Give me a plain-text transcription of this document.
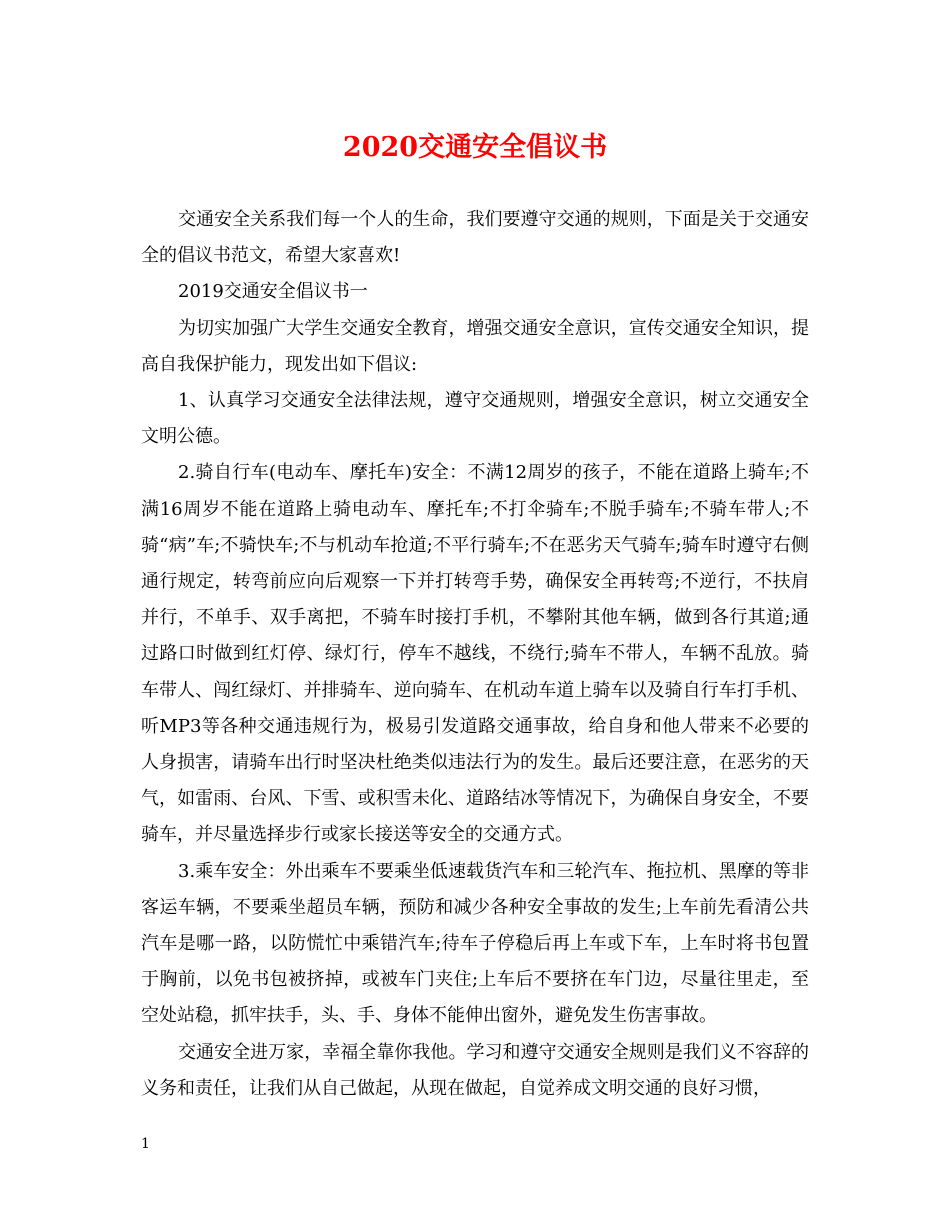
2020交通安全倡议书

交通安全关系我们每一个人的生命，我们要遵守交通的规则，下面是关于交通安全的倡议书范文，希望大家喜欢!

2019交通安全倡议书一

为切实加强广大学生交通安全教育，增强交通安全意识，宣传交通安全知识，提高自我保护能力，现发出如下倡议:

1、认真学习交通安全法律法规，遵守交通规则，增强安全意识，树立交通安全文明公德。

2.骑自行车(电动车、摩托车)安全：不满12周岁的孩子，不能在道路上骑车;不满16周岁不能在道路上骑电动车、摩托车;不打伞骑车;不脱手骑车;不骑车带人;不骑“病”车;不骑快车;不与机动车抢道;不平行骑车;不在恶劣天气骑车;骑车时遵守右侧通行规定，转弯前应向后观察一下并打转弯手势，确保安全再转弯;不逆行，不扶肩并行，不单手、双手离把，不骑车时接打手机，不攀附其他车辆，做到各行其道;通过路口时做到红灯停、绿灯行，停车不越线，不绕行;骑车不带人，车辆不乱放。骑车带人、闯红绿灯、并排骑车、逆向骑车、在机动车道上骑车以及骑自行车打手机、听MP3等各种交通违规行为，极易引发道路交通事故，给自身和他人带来不必要的人身损害，请骑车出行时坚决杜绝类似违法行为的发生。最后还要注意，在恶劣的天气，如雷雨、台风、下雪、或积雪未化、道路结冰等情况下，为确保自身安全，不要骑车，并尽量选择步行或家长接送等安全的交通方式。

3.乘车安全：外出乘车不要乘坐低速载货汽车和三轮汽车、拖拉机、黑摩的等非客运车辆，不要乘坐超员车辆，预防和减少各种安全事故的发生;上车前先看清公共汽车是哪一路，以防慌忙中乘错汽车;待车子停稳后再上车或下车，上车时将书包置于胸前，以免书包被挤掉，或被车门夹住;上车后不要挤在车门边，尽量往里走，至空处站稳，抓牢扶手，头、手、身体不能伸出窗外，避免发生伤害事故。

交通安全进万家，幸福全靠你我他。学习和遵守交通安全规则是我们义不容辞的义务和责任，让我们从自己做起，从现在做起，自觉养成文明交通的良好习惯，

1
